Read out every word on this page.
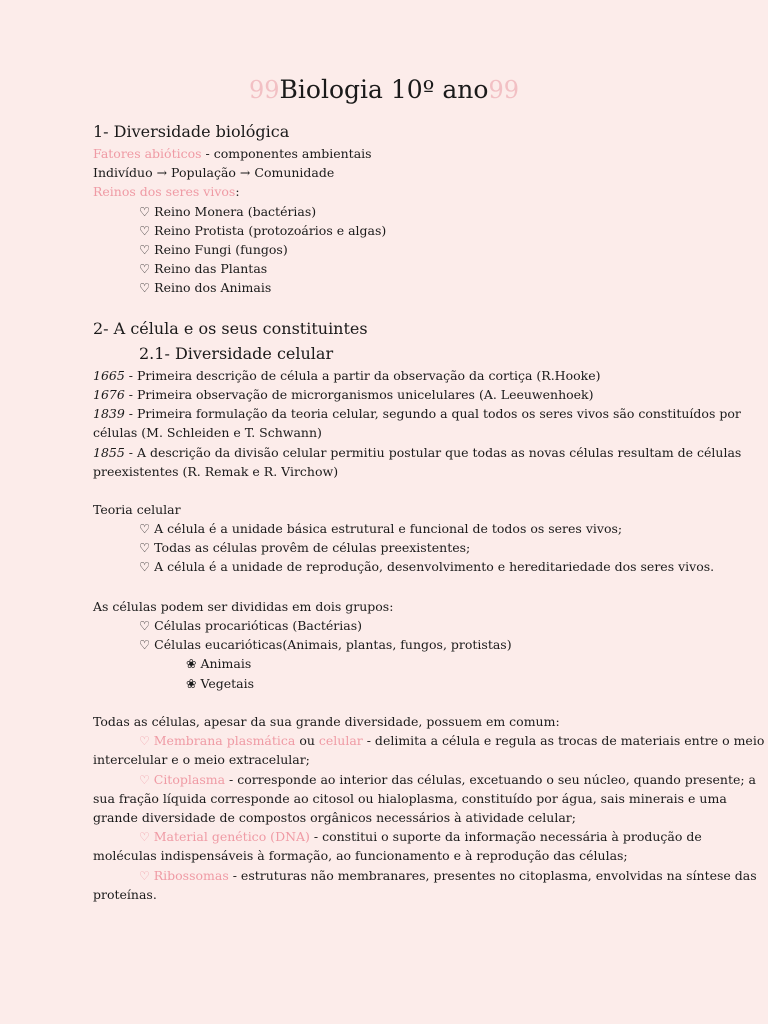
99Biologia 10º ano99
1- Diversidade biológica
Fatores abióticos - componentes ambientais
Indivíduo → População → Comunidade
Reinos dos seres vivos:
♡ Reino Monera (bactérias)
♡ Reino Protista (protozoários e algas)
♡ Reino Fungi (fungos)
♡ Reino das Plantas
♡ Reino dos Animais
2- A célula e os seus constituintes
2.1- Diversidade celular
1665 - Primeira descrição de célula a partir da observação da cortiça (R.Hooke)
1676 - Primeira observação de microrganismos unicelulares (A. Leeuwenhoek)
1839 - Primeira formulação da teoria celular, segundo a qual todos os seres vivos são constituídos por
células (M. Schleiden e T. Schwann)
1855 - A descrição da divisão celular permitiu postular que todas as novas células resultam de células
preexistentes (R. Remak e R. Virchow)
Teoria celular
♡ A célula é a unidade básica estrutural e funcional de todos os seres vivos;
♡ Todas as células provêm de células preexistentes;
♡ A célula é a unidade de reprodução, desenvolvimento e hereditariedade dos seres vivos.
As células podem ser divididas em dois grupos:
♡ Células procarióticas (Bactérias)
♡ Células eucarióticas(Animais, plantas, fungos, protistas)
❀ Animais
❀ Vegetais
Todas as células, apesar da sua grande diversidade, possuem em comum:
♡ Membrana plasmática ou celular - delimita a célula e regula as trocas de materiais entre o meio
intercelular e o meio extracelular;
♡ Citoplasma - corresponde ao interior das células, excetuando o seu núcleo, quando presente; a
sua fração líquida corresponde ao citosol ou hialoplasma, constituído por água, sais minerais e uma
grande diversidade de compostos orgânicos necessários à atividade celular;
♡ Material genético (DNA) - constitui o suporte da informação necessária à produção de
moléculas indispensáveis à formação, ao funcionamento e à reprodução das células;
♡ Ribossomas - estruturas não membranares, presentes no citoplasma, envolvidas na síntese das
proteínas.
